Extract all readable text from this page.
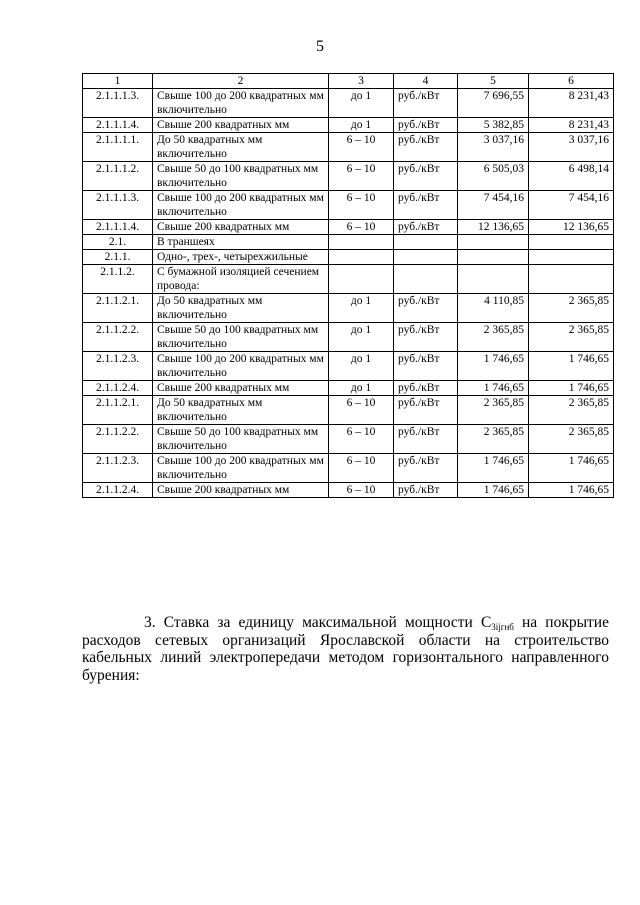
5
1	2	3	4	5	6
2.1.1.1.3.	Свыше 100 до 200 квадратных мм включительно	до 1	руб./кВт	7 696,55	8 231,43
2.1.1.1.4.	Свыше 200 квадратных мм	до 1	руб./кВт	5 382,85	8 231,43
2.1.1.1.1.	До 50 квадратных мм включительно	6 – 10	руб./кВт	3 037,16	3 037,16
2.1.1.1.2.	Свыше 50 до 100 квадратных мм включительно	6 – 10	руб./кВт	6 505,03	6 498,14
2.1.1.1.3.	Свыше 100 до 200 квадратных мм включительно	6 – 10	руб./кВт	7 454,16	7 454,16
2.1.1.1.4.	Свыше 200 квадратных мм	6 – 10	руб./кВт	12 136,65	12 136,65
2.1.	В траншеях				
2.1.1.	Одно-, трех-, четырехжильные				
2.1.1.2.	С бумажной изоляцией сечением провода:				
2.1.1.2.1.	До 50 квадратных мм включительно	до 1	руб./кВт	4 110,85	2 365,85
2.1.1.2.2.	Свыше 50 до 100 квадратных мм включительно	до 1	руб./кВт	2 365,85	2 365,85
2.1.1.2.3.	Свыше 100 до 200 квадратных мм включительно	до 1	руб./кВт	1 746,65	1 746,65
2.1.1.2.4.	Свыше 200 квадратных мм	до 1	руб./кВт	1 746,65	1 746,65
2.1.1.2.1.	До 50 квадратных мм включительно	6 – 10	руб./кВт	2 365,85	2 365,85
2.1.1.2.2.	Свыше 50 до 100 квадратных мм включительно	6 – 10	руб./кВт	2 365,85	2 365,85
2.1.1.2.3.	Свыше 100 до 200 квадратных мм включительно	6 – 10	руб./кВт	1 746,65	1 746,65
2.1.1.2.4.	Свыше 200 квадратных мм	6 – 10	руб./кВт	1 746,65	1 746,65
3. Ставка за единицу максимальной мощности $С_{3ijгнб}$ на покрытие расходов сетевых организаций Ярославской области на строительство кабельных линий электропередачи методом горизонтального направленного бурения:
